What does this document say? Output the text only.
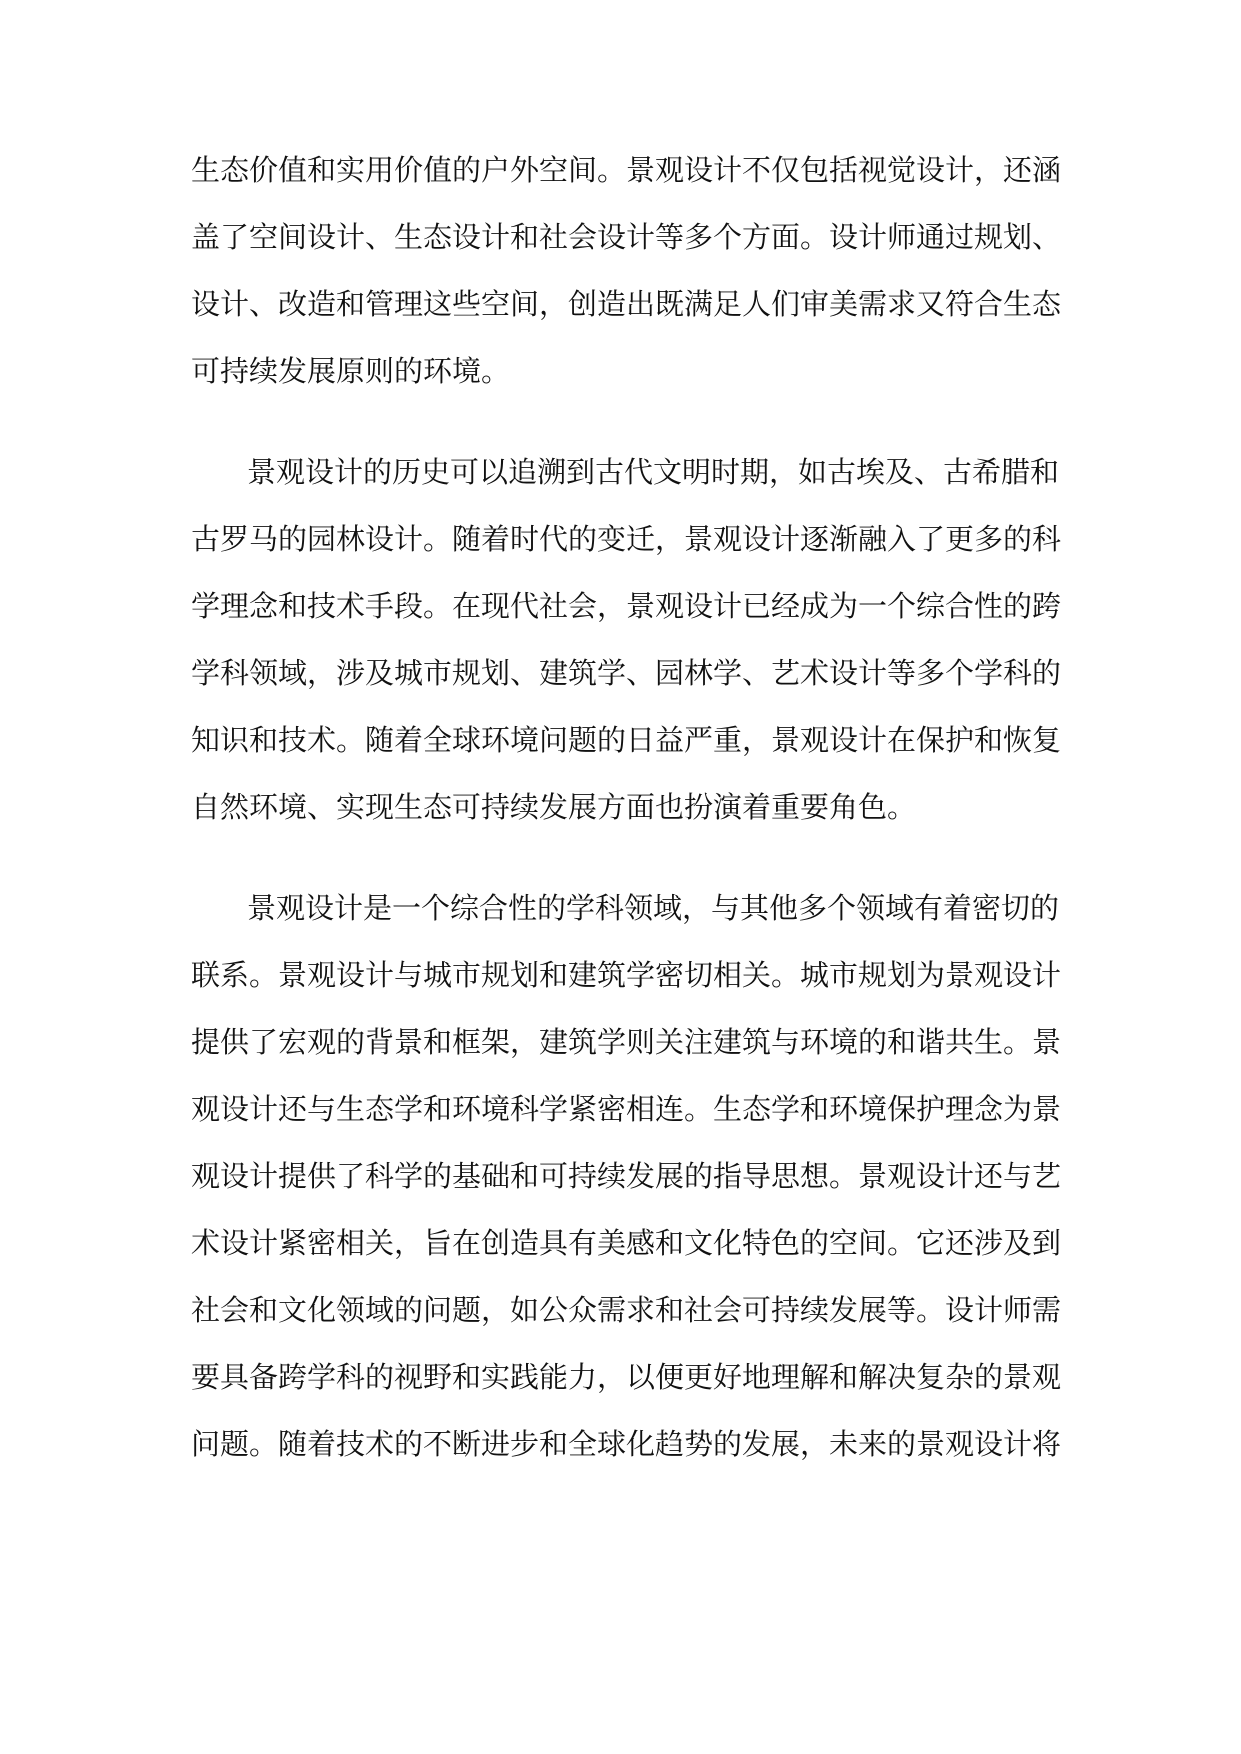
生态价值和实用价值的户外空间。景观设计不仅包括视觉设计，还涵
盖了空间设计、生态设计和社会设计等多个方面。设计师通过规划、
设计、改造和管理这些空间，创造出既满足人们审美需求又符合生态
可持续发展原则的环境。
景观设计的历史可以追溯到古代文明时期，如古埃及、古希腊和
古罗马的园林设计。随着时代的变迁，景观设计逐渐融入了更多的科
学理念和技术手段。在现代社会，景观设计已经成为一个综合性的跨
学科领域，涉及城市规划、建筑学、园林学、艺术设计等多个学科的
知识和技术。随着全球环境问题的日益严重，景观设计在保护和恢复
自然环境、实现生态可持续发展方面也扮演着重要角色。
景观设计是一个综合性的学科领域，与其他多个领域有着密切的
联系。景观设计与城市规划和建筑学密切相关。城市规划为景观设计
提供了宏观的背景和框架，建筑学则关注建筑与环境的和谐共生。景
观设计还与生态学和环境科学紧密相连。生态学和环境保护理念为景
观设计提供了科学的基础和可持续发展的指导思想。景观设计还与艺
术设计紧密相关，旨在创造具有美感和文化特色的空间。它还涉及到
社会和文化领域的问题，如公众需求和社会可持续发展等。设计师需
要具备跨学科的视野和实践能力，以便更好地理解和解决复杂的景观
问题。随着技术的不断进步和全球化趋势的发展，未来的景观设计将
